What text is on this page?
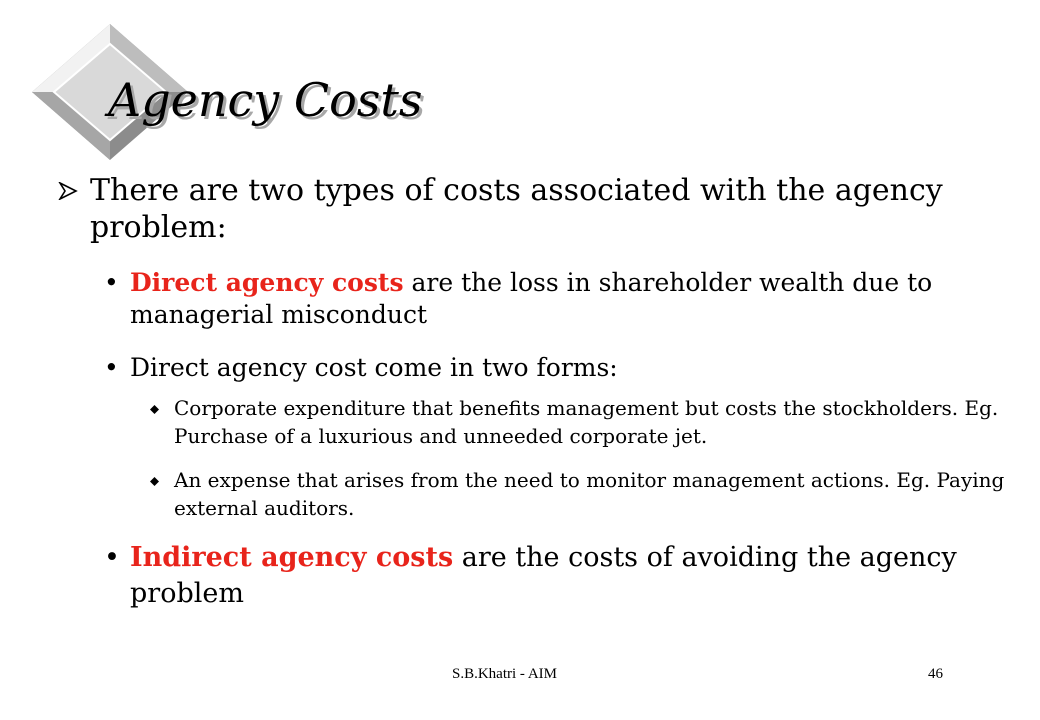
Agency Costs
There are two types of costs associated with the agency problem:
• Direct agency costs are the loss in shareholder wealth due to managerial misconduct
• Direct agency cost come in two forms:
Corporate expenditure that benefits management but costs the stockholders. Eg. Purchase of a luxurious and unneeded corporate jet.
An expense that arises from the need to monitor management actions. Eg. Paying external auditors.
• Indirect agency costs are the costs of avoiding the agency problem
S.B.Khatri - AIM	46
